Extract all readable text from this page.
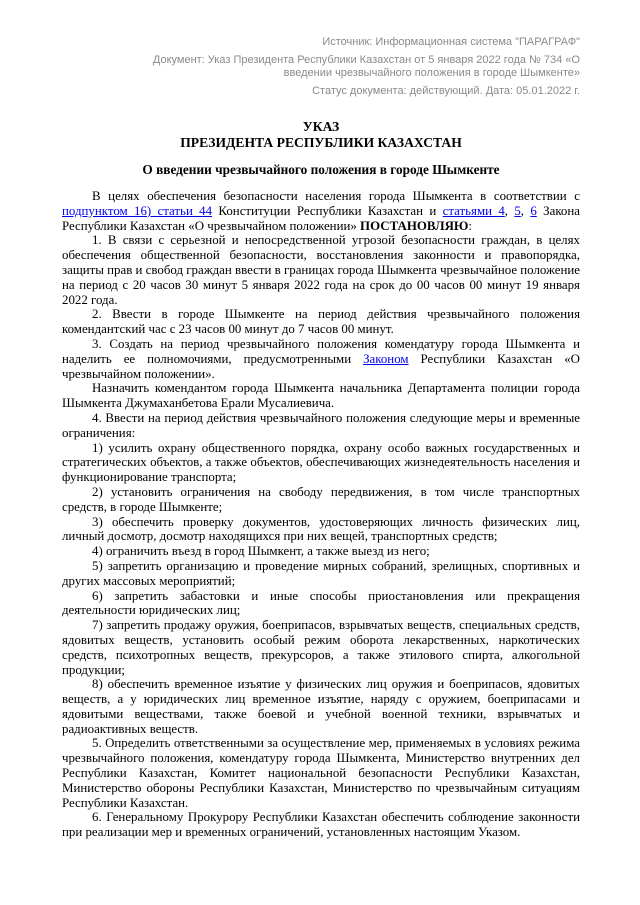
Источник: Информационная система "ПАРАГРАФ"
Документ: Указ Президента Республики Казахстан от 5 января 2022 года № 734 «О введении чрезвычайного положения в городе Шымкенте»
Статус документа: действующий. Дата: 05.01.2022 г.
УКАЗ
ПРЕЗИДЕНТА РЕСПУБЛИКИ КАЗАХСТАН
О введении чрезвычайного положения в городе Шымкенте

В целях обеспечения безопасности населения города Шымкента в соответствии с подпунктом 16) статьи 44 Конституции Республики Казахстан и статьями 4, 5, 6 Закона Республики Казахстан «О чрезвычайном положении» ПОСТАНОВЛЯЮ:

1. В связи с серьезной и непосредственной угрозой безопасности граждан, в целях обеспечения общественной безопасности, восстановления законности и правопорядка, защиты прав и свобод граждан ввести в границах города Шымкента чрезвычайное положение на период с 20 часов 30 минут 5 января 2022 года на срок до 00 часов 00 минут 19 января 2022 года.

2. Ввести в городе Шымкенте на период действия чрезвычайного положения комендантский час с 23 часов 00 минут до 7 часов 00 минут.

3. Создать на период чрезвычайного положения комендатуру города Шымкента и наделить ее полномочиями, предусмотренными Законом Республики Казахстан «О чрезвычайном положении».

Назначить комендантом города Шымкента начальника Департамента полиции города Шымкента Джумаханбетова Ерали Мусалиевича.

4. Ввести на период действия чрезвычайного положения следующие меры и временные ограничения:

1) усилить охрану общественного порядка, охрану особо важных государственных и стратегических объектов, а также объектов, обеспечивающих жизнедеятельность населения и функционирование транспорта;

2) установить ограничения на свободу передвижения, в том числе транспортных средств, в городе Шымкенте;

3) обеспечить проверку документов, удостоверяющих личность физических лиц, личный досмотр, досмотр находящихся при них вещей, транспортных средств;

4) ограничить въезд в город Шымкент, а также выезд из него;

5) запретить организацию и проведение мирных собраний, зрелищных, спортивных и других массовых мероприятий;

6) запретить забастовки и иные способы приостановления или прекращения деятельности юридических лиц;

7) запретить продажу оружия, боеприпасов, взрывчатых веществ, специальных средств, ядовитых веществ, установить особый режим оборота лекарственных, наркотических средств, психотропных веществ, прекурсоров, а также этилового спирта, алкогольной продукции;

8) обеспечить временное изъятие у физических лиц оружия и боеприпасов, ядовитых веществ, а у юридических лиц временное изъятие, наряду с оружием, боеприпасами и ядовитыми веществами, также боевой и учебной военной техники, взрывчатых и радиоактивных веществ.

5. Определить ответственными за осуществление мер, применяемых в условиях режима чрезвычайного положения, комендатуру города Шымкента, Министерство внутренних дел Республики Казахстан, Комитет национальной безопасности Республики Казахстан, Министерство обороны Республики Казахстан, Министерство по чрезвычайным ситуациям Республики Казахстан.

6. Генеральному Прокурору Республики Казахстан обеспечить соблюдение законности при реализации мер и временных ограничений, установленных настоящим Указом.
